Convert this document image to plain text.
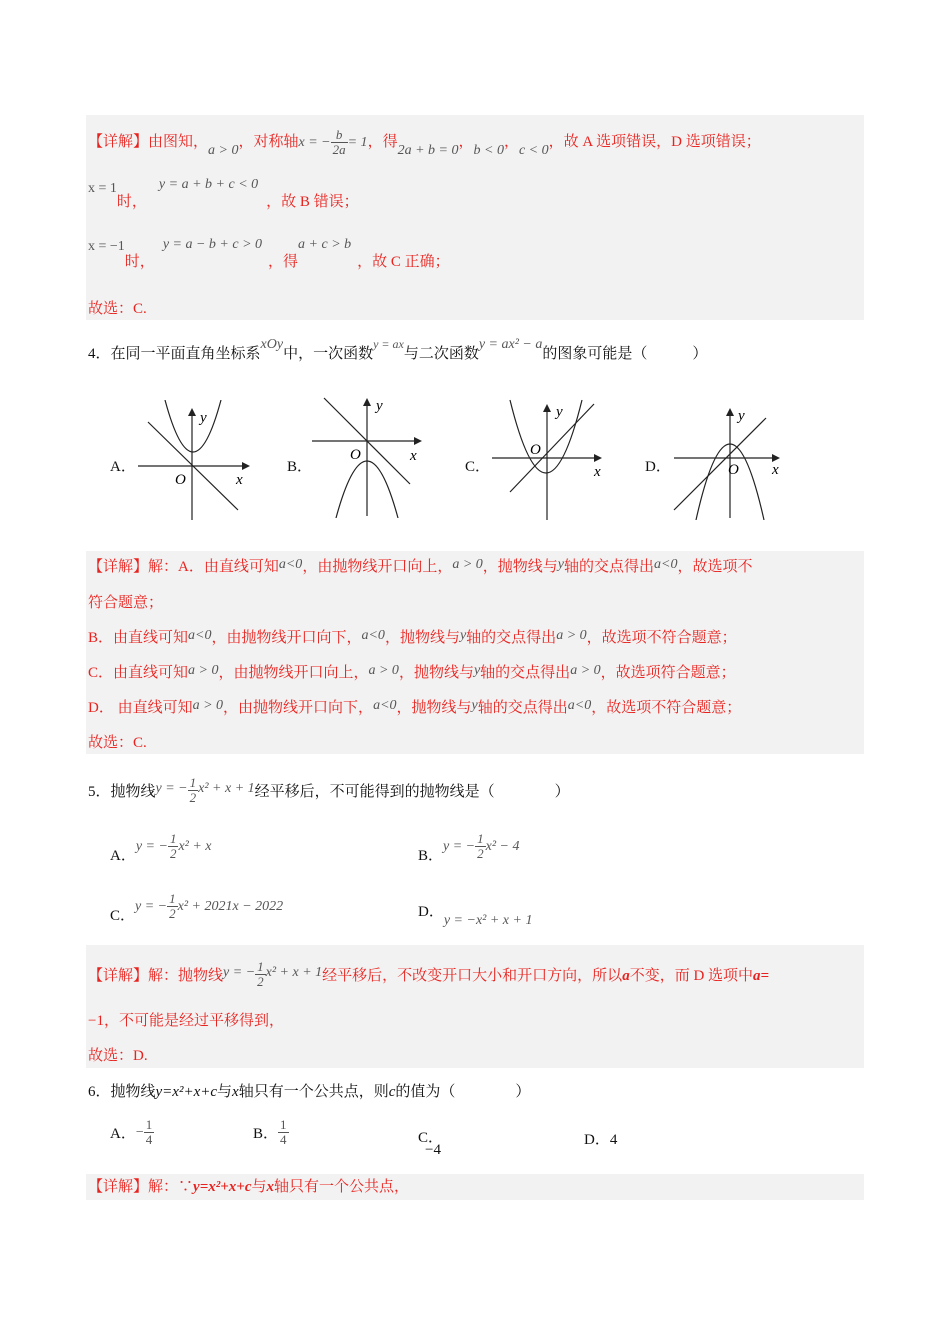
【详解】由图知，a > 0，对称轴x = − $\frac{b}{2a} = 1$，得2a + b = 0，b < 0，c < 0，故 A 选项错误，D 选项错误；
x = 1时，y = a + b + c < 0，故 B 错误；
x = −1时，y = a − b + c > 0，得a + c > b，故 C 正确；
故选：C.
4．在同一平面直角坐标系xOy中，一次函数$^{y = ax}$与二次函数y = ax² − a的图象可能是（　　　）
A．
y
x
O
B．
y
x
O
C．
y
x
O
D．
y
x
O
【详解】解：A．由直线可知a<0，由抛物线开口向上，a > 0，抛物线与y轴的交点得出a<0，故选项不
符合题意；
B．由直线可知a<0，由抛物线开口向下，a<0，抛物线与y轴的交点得出a > 0，故选项不符合题意；
C．由直线可知a > 0，由抛物线开口向上，a > 0，抛物线与y轴的交点得出a > 0，故选项符合题意；
D． 由直线可知a > 0，由抛物线开口向下，a<0，抛物线与y轴的交点得出a<0，故选项不符合题意；
故选：C.
5．抛物线y = − $\frac{1}{2} x^2 + x + 1$经平移后，不可能得到的抛物线是（　　　　）
A．y = − $\frac{1}{2} x^2 + x$
B．y = − $\frac{1}{2} x^2 - 4$
C．y = − $\frac{1}{2} x^2 + 2021x - 2022$	D．y = −x² + x + 1
【详解】解：抛物线y = − $\frac{1}{2} x^2 + x + 1$经平移后，不改变开口大小和开口方向，所以a不变，而 D 选项中a=
−1，不可能是经过平移得到，
故选：D.
6．抛物线y=x²+x+c与x轴只有一个公共点，则c的值为（　　　　）
A．− $\frac{1}{4}$	B． $\frac{1}{4}$	C．−4
D．4
【详解】解：∵y=x²+x+c与x轴只有一个公共点，
